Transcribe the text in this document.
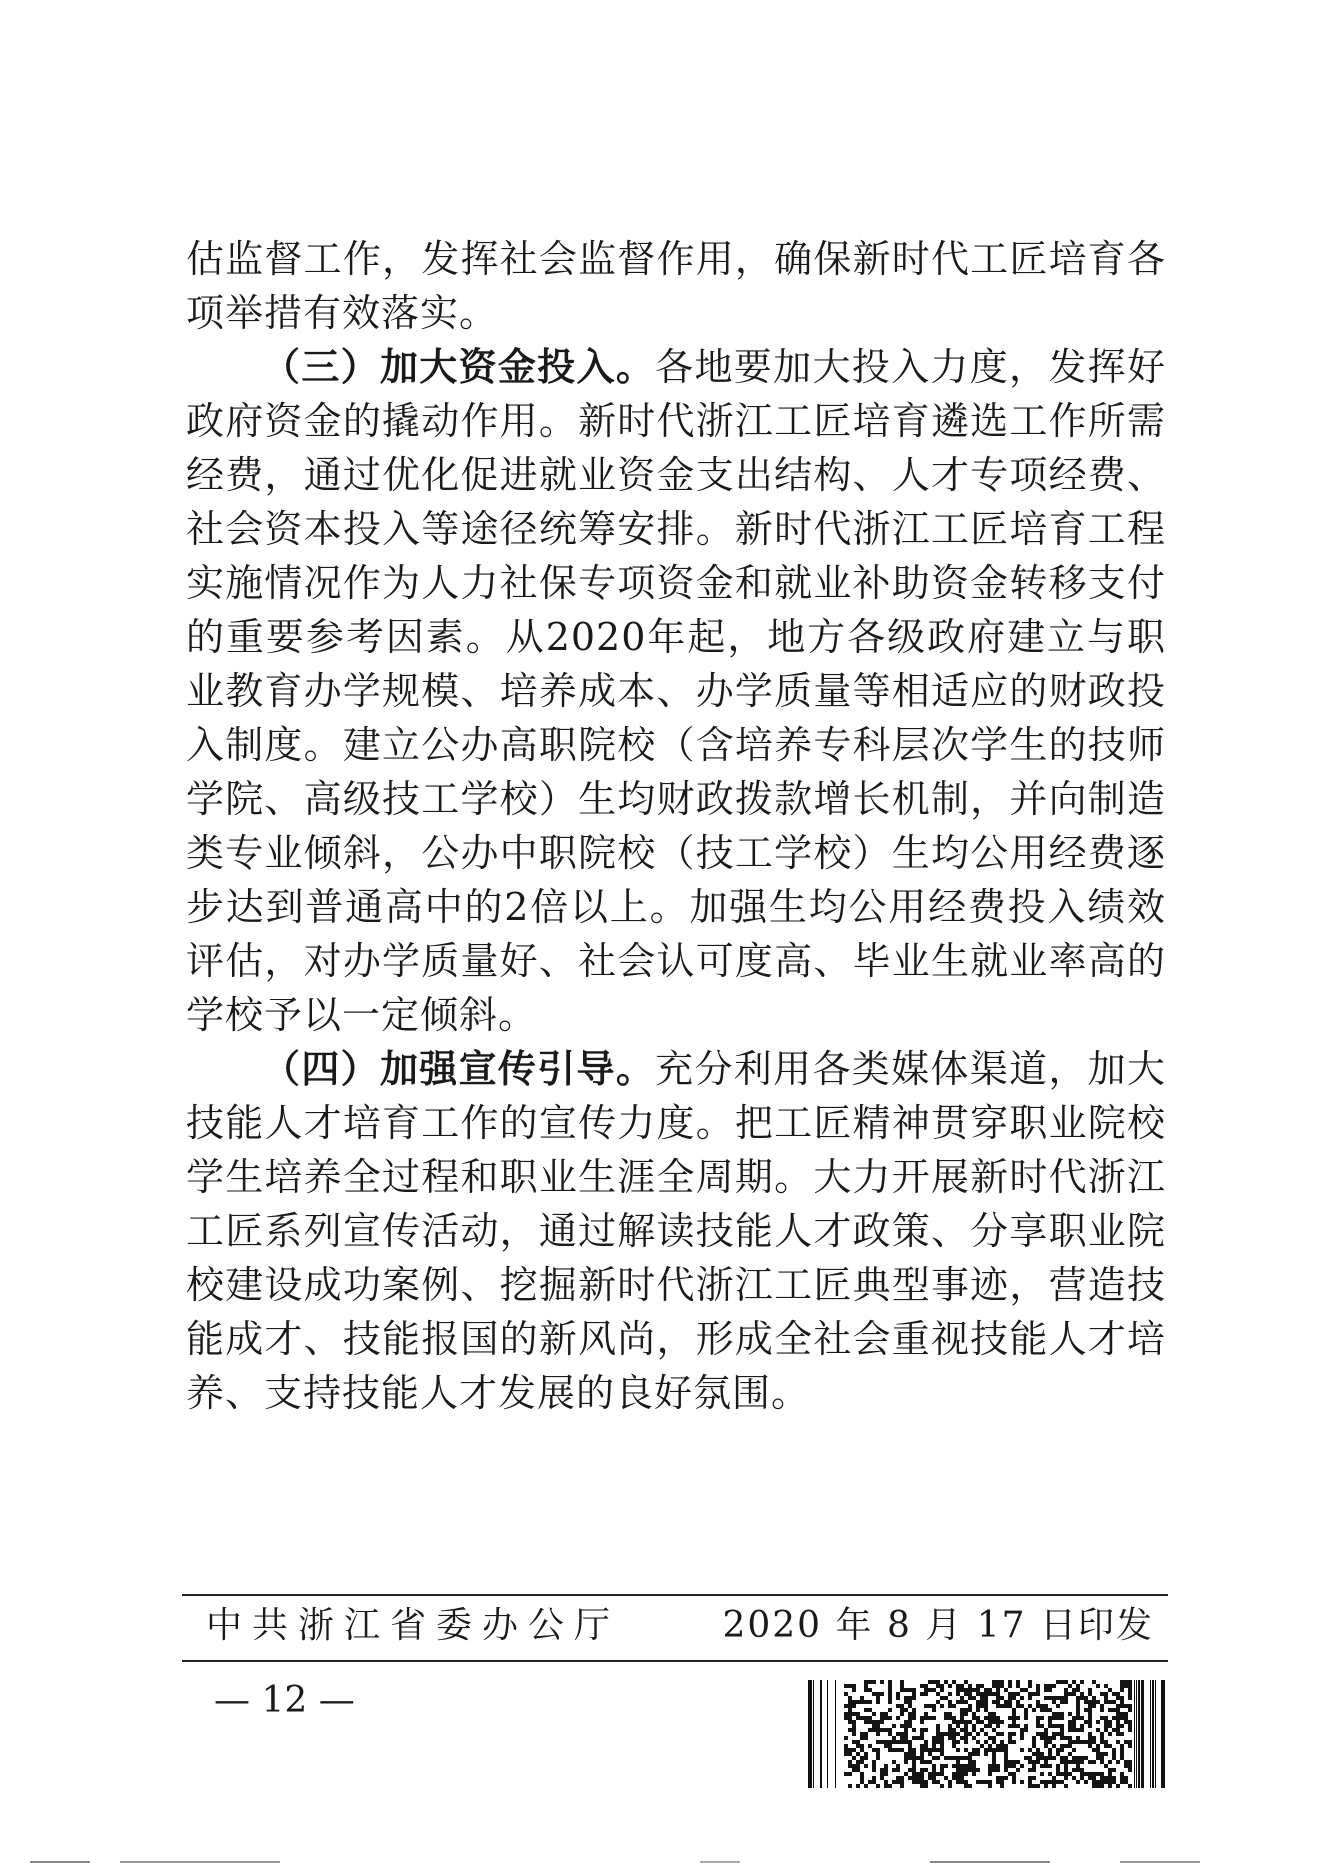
估监督工作，发挥社会监督作用，确保新时代工匠培育各项举措有效落实。

（三）加大资金投入。各地要加大投入力度，发挥好政府资金的撬动作用。新时代浙江工匠培育遴选工作所需经费，通过优化促进就业资金支出结构、人才专项经费、社会资本投入等途径统筹安排。新时代浙江工匠培育工程实施情况作为人力社保专项资金和就业补助资金转移支付的重要参考因素。从2020年起，地方各级政府建立与职业教育办学规模、培养成本、办学质量等相适应的财政投入制度。建立公办高职院校（含培养专科层次学生的技师学院、高级技工学校）生均财政拨款增长机制，并向制造类专业倾斜，公办中职院校（技工学校）生均公用经费逐步达到普通高中的2倍以上。加强生均公用经费投入绩效评估，对办学质量好、社会认可度高、毕业生就业率高的学校予以一定倾斜。

（四）加强宣传引导。充分利用各类媒体渠道，加大技能人才培育工作的宣传力度。把工匠精神贯穿职业院校学生培养全过程和职业生涯全周期。大力开展新时代浙江工匠系列宣传活动，通过解读技能人才政策、分享职业院校建设成功案例、挖掘新时代浙江工匠典型事迹，营造技能成才、技能报国的新风尚，形成全社会重视技能人才培养、支持技能人才发展的良好氛围。

中共浙江省委办公厅	2020 年 8 月 17 日印发
— 12 —
